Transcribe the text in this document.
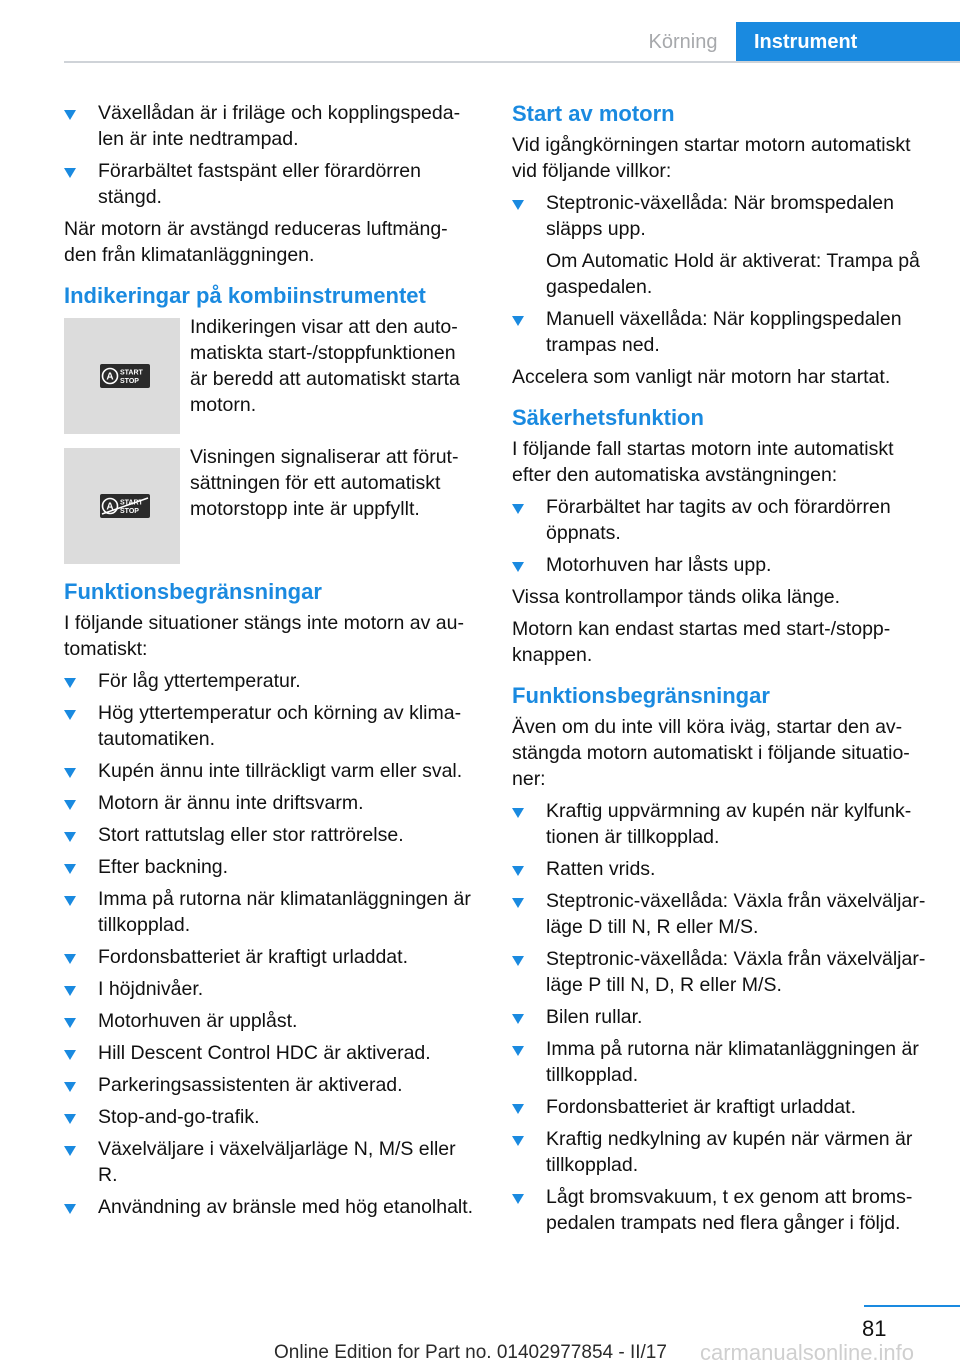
Körning	Instrument
Växellådan är i friläge och kopplingspeda-len är inte nedtrampad.
Förarbältet fastspänt eller förardörren stängd.
När motorn är avstängd reduceras luftmäng-den från klimatanläggningen.
Indikeringar på kombiinstrumentet
A START
STOP
Indikeringen visar att den auto-matiskta start-/stoppfunktionen är beredd att automatiskt starta motorn.
A START
STOP
Visningen signaliserar att förut-sättningen för ett automatiskt motorstopp inte är uppfyllt.
Funktionsbegränsningar
I följande situationer stängs inte motorn av au-tomatiskt:
För låg yttertemperatur.
Hög yttertemperatur och körning av klima-tautomatiken.
Kupén ännu inte tillräckligt varm eller sval.
Motorn är ännu inte driftsvarm.
Stort rattutslag eller stor rattrörelse.
Efter backning.
Imma på rutorna när klimatanläggningen är tillkopplad.
Fordonsbatteriet är kraftigt urladdat.
I höjdnivåer.
Motorhuven är upplåst.
Hill Descent Control HDC är aktiverad.
Parkeringsassistenten är aktiverad.
Stop-and-go-trafik.
Växelväljare i växelväljarläge N, M/S eller R.
Användning av bränsle med hög etanolhalt.
Start av motorn
Vid igångkörningen startar motorn automatiskt vid följande villkor:
Steptronic-växellåda: När bromspedalen släpps upp.
Om Automatic Hold är aktiverat: Trampa på gaspedalen.
Manuell växellåda: När kopplingspedalen trampas ned.
Accelera som vanligt när motorn har startat.
Säkerhetsfunktion
I följande fall startas motorn inte automatiskt efter den automatiska avstängningen:
Förarbältet har tagits av och förardörren öppnats.
Motorhuven har låsts upp.
Vissa kontrollampor tänds olika länge.
Motorn kan endast startas med start-/stopp-knappen.
Funktionsbegränsningar
Även om du inte vill köra iväg, startar den av-stängda motorn automatiskt i följande situatio-ner:
Kraftig uppvärmning av kupén när kylfunk-tionen är tillkopplad.
Ratten vrids.
Steptronic-växellåda: Växla från växelväljar-läge D till N, R eller M/S.
Steptronic-växellåda: Växla från växelväljar-läge P till N, D, R eller M/S.
Bilen rullar.
Imma på rutorna när klimatanläggningen är tillkopplad.
Fordonsbatteriet är kraftigt urladdat.
Kraftig nedkylning av kupén när värmen är tillkopplad.
Lågt bromsvakuum, t ex genom att broms-pedalen trampats ned flera gånger i följd.
81
carmanualsonline.info
Online Edition for Part no. 01402977854 - II/17
